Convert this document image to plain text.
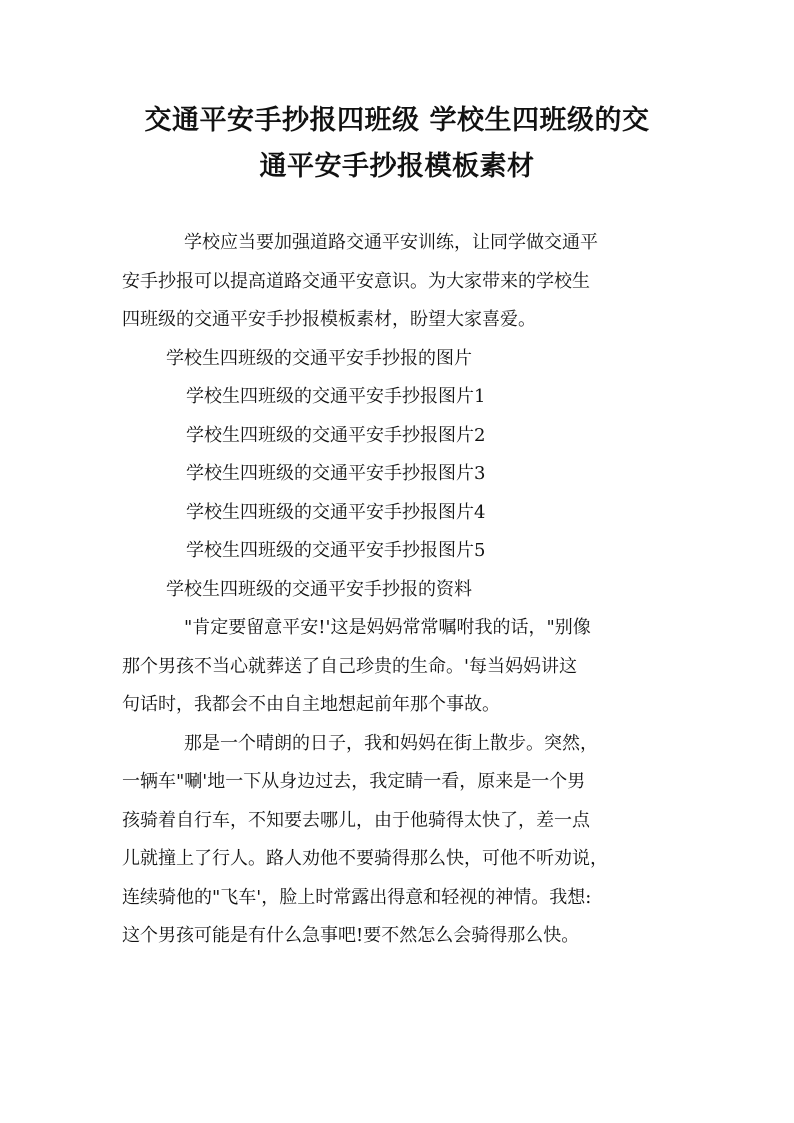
交通平安手抄报四班级 学校生四班级的交
通平安手抄报模板素材
学校应当要加强道路交通平安训练，让同学做交通平
安手抄报可以提高道路交通平安意识。为大家带来的学校生
四班级的交通平安手抄报模板素材，盼望大家喜爱。
学校生四班级的交通平安手抄报的图片
学校生四班级的交通平安手抄报图片1
学校生四班级的交通平安手抄报图片2
学校生四班级的交通平安手抄报图片3
学校生四班级的交通平安手抄报图片4
学校生四班级的交通平安手抄报图片5
学校生四班级的交通平安手抄报的资料
"肯定要留意平安!'这是妈妈常常嘱咐我的话，"别像
那个男孩不当心就葬送了自己珍贵的生命。'每当妈妈讲这
句话时，我都会不由自主地想起前年那个事故。
那是一个晴朗的日子，我和妈妈在街上散步。突然，
一辆车"唰'地一下从身边过去，我定睛一看，原来是一个男
孩骑着自行车，不知要去哪儿，由于他骑得太快了，差一点
儿就撞上了行人。路人劝他不要骑得那么快，可他不听劝说，
连续骑他的"飞车'，脸上时常露出得意和轻视的神情。我想:
这个男孩可能是有什么急事吧!要不然怎么会骑得那么快。
